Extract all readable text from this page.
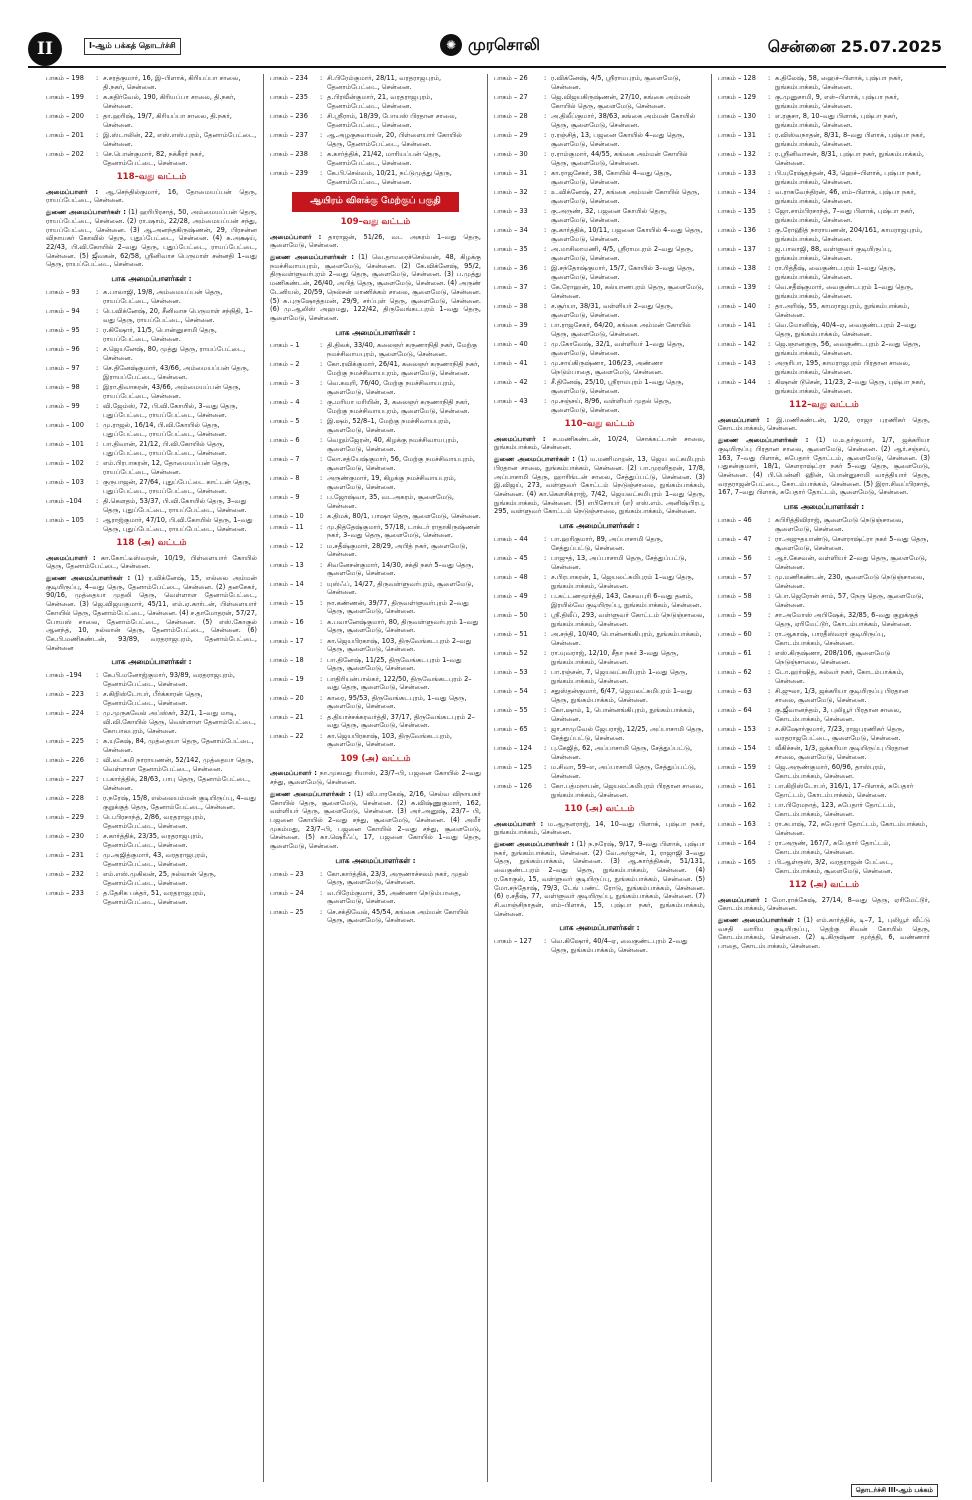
II	I-ஆம் பக்கத் தொடர்ச்சி	✺ முரசொலி	சென்னை 25.07.2025
பாகம் – 198	: ச.சரத்குமார், 16, இ–பிளாக், கிரியப்பா சாலை, தி.நகர், சென்னை.
பாகம் – 199	: சு.கதிர்வேல், 190, கிரியப்பா சாலை, தி.நகர், சென்னை.
பாகம் – 200	: தா.ஹரிஷ், 19/7, கிரியப்பா சாலை, தி.நகர், சென்னை.
பாகம் – 201	: இ.ஸ்டாலின், 22, எஸ்.எஸ்.புரம், தேனாம்பேட்டை, சென்னை.
பாகம் – 202	: செ.பொன்குமார், 82, நக்கீரர் நகர், தேனாம்பேட்டை, சென்னை.
118–வது வட்டம்

அமைப்பாளர் : ஆ.செந்தில்குமார், 16, தோமையப்பன் தெரு, ராயப்பேட்டை, சென்னை.

துணை அமைப்பாளர்கள் : (1) ஹரிபிரசாத், 50, அம்மையப்பன் தெரு, ராயப்பேட்டை, சென்னை. (2) ரா.ஷாம், 22/28, அம்மையப்பன் சந்து, ராயப்பேட்டை, சென்னை. (3) ஆ.அனந்தகிருஷ்ணன், 29, பிரசன்ன விநாயகர் கோவில் தெரு, புதுப்பேட்டை, சென்னை. (4) சு.அக்ஷய், 22/43, பி.வி.கோயில் 2–வது தெரு, புதுப்பேட்டை, ராயப்பேட்டை, சென்னை. (5) ஜீவகன், 62/58, ஸ்ரீனிவாச பெருமாள் சன்னதி 1–வது தெரு, ராயப்பேட்டை, சென்னை.

பாக அமைப்பாளர்கள் :
பாகம் – 93	: சு.பாலாஜி, 19/8, அம்மையப்பன் தெரு, ராயப்பேட்டை, சென்னை.
பாகம் – 94	: பெ.விக்னேஷ், 20, சீனிவாச பெருமாள் சந்நிதி, 1–வது தெரு, ராயப்பேட்டை, சென்னை.
பாகம் – 95	: ர.கிஷோர், 11/5, பொன்னுசாமி தெரு, ராயப்பேட்டை, சென்னை.
பாகம் – 96	: ச.ஜெயனேஷ், 80, முத்து தெரு, ராயப்பேட்டை, சென்னை.
பாகம் – 97	: செ.தினேஷ்குமார், 43/66, அம்மையப்பன் தெரு, இராயப்பேட்டை, சென்னை.
பாகம் – 98	: இரா.திவாகரன், 43/66, அம்மையப்பன் தெரு, ராயப்பேட்டை, சென்னை.
பாகம் – 99	: வி.ஜேம்ஸ், 72, பி.வி.கோயில், 3–வது தெரு, புதுப்பேட்டை, ராயப்பேட்டை, சென்னை.
பாகம் – 100	: மு.ராஜல், 16/14, பி.வி.கோயில் தெரு, புதுப்பேட்டை, ராயப்பேட்டை, சென்னை.
பாகம் – 101	: பா.திவான், 21/12, பி.வி.கோயில் தெரு, புதுப்பேட்டை, ராயப்பேட்டை, சென்னை.
பாகம் – 102	: எம்.பிரபாகரன், 12, தோமையப்பன் தெரு, ராயப்பேட்டை, சென்னை.
பாகம் – 103	: குருபாஜன், 27/64, புதுப்பேட்டை காட்டன் தெரு, புதுப்பேட்டை, ராயப்பேட்டை, சென்னை.
பாகம் –104	: தி.கௌதம், 53/37, பி.வி.கோயில் தெரு, 3–வது தெரு, புதுப்பேட்டை, ராயப்பேட்டை, சென்னை.
பாகம் – 105	: ஆராஜ்குமார், 47/10, பி.வி.கோயில் தெரு, 1–வது தெரு, புதுப்பேட்டை, ராயப்பேட்டை, சென்னை.
118 (அ) வட்டம்

அமைப்பாளர் : கா.கோட்டீஸ்வரன், 10/19, பிள்ளையார் கோயில் தெரு, தேனாம்பேட்டை, சென்னை.

துணை அமைப்பாளர்கள் : (1) ர.விக்னேஷ், 15, எல்லை அம்மன் குடியிருப்பு, 4–வது தெரு, தேனாம்பேட்டை, சென்னை. (2) தனசேகர், 90/16, முத்தையா முதலி தெரு, வெள்ளாள தேனாம்பேட்டை, சென்னை. (3) ஜெ.விஜயகுமார், 45/11, எம்.ஏ.கார்டன், பிள்ளையார் கோயில் தெரு, தேனாம்பேட்டை, சென்னை. (4) ச.தாமோதரன், 57/27, போயஸ் சாலை, தேனாம்பேட்டை, சென்னை. (5) எஸ்.கோகுல் ஆனந்த், 10, நல்லான் தெரு, தேனாம்பேட்டை, சென்னை. (6) கே.பி.மணிகண்டன், 93/89, வரதராஜபுரம், தேனாம்பேட்டை, சென்னை

பாக அமைப்பாளர்கள் :
பாகம் –194	: கே.பி.மனோஜ்குமார், 93/89, வரதராஜபுரம், தேனாம்பேட்டை, சென்னை.
பாகம் – 223	: ச.கிறிஸ்டோபர், பீர்க்காரன் தெரு, தேனாம்பேட்டை, சென்னை.
பாகம் – 224	: மு.முருகவேல் அப்ஸ்கர், 32/1, 1–வது மாடி, வி.வி.கோயில் தெரு, வெள்ளாள தேனாம்பேட்டை, கோபாலபுரம், சென்னை.
பாகம் – 225	: சு.யுகேஷ், 84, முத்தையா தெரு, தேனாம்பேட்டை, சென்னை.
பாகம் – 226	: வி.லட்சுமி நாராயணன், 52/142, முத்தையா தெரு, வெள்ளாள தேனாம்பேட்டை, சென்னை.
பாகம் – 227	: ப.கார்த்திக், 28/63, பாபு தெரு, தேனாம்பேட்டை, சென்னை.
பாகம் – 228	: ர.நரேஷ், 15/8, எல்லையம்மன் குடியிருப்பு, 4–வது குறுக்குத் தெரு, தேனாம்பேட்டை, சென்னை.
பாகம் – 229	: பெ.பிரசாந்த், 2/86, வரதராஜபுரம், தேனாம்பேட்டை, சென்னை.
பாகம் – 230	: ச.கார்த்திக், 23/35, வரதராஜபுரம், தேனாம்பேட்டை, சென்னை.
பாகம் – 231	: மு.அஜித்குமார், 43, வரதராஜபுரம், தேனாம்பேட்டை, சென்னை.
பாகம் – 232	: எம்.எஸ்.முகிலன், 25, நல்லான் தெரு, தேனாம்பேட்டை, சென்னை.
பாகம் – 233	: த.தேசிக பக்தர், 51, வரதராஜபுரம், தேனாம்பேட்டை, சென்னை.
பாகம் – 234	: சி.பிரேம்குமார், 28/11, வரதராஜபுரம், தேனாம்பேட்டை, சென்னை.
பாகம் – 235	: த.பிரவீன்குமார், 21, வரதராஜபுரம், தேனாம்பேட்டை, சென்னை.
பாகம் – 236	: சி.ஸ்ரீராம், 18/39, போயஸ் பிரதான சாலை, தேனாம்பேட்டை, சென்னை.
பாகம் – 237	: ஆ.அழகுசுவாமன், 20, பிள்ளையார் கோயில் தெரு, தேனாம்பேட்டை, சென்னை.
பாகம் – 238	: சு.கார்த்திக், 21/42, மாரியப்பன் தெரு, தேனாம்பேட்டை, சென்னை.
பாகம் – 239	: கே.பி.செல்வம், 10/21, நட்டுமுத்து தெரு, தேனாம்பேட்டை, சென்னை.
ஆயிரம் விளக்கு மேற்குப் பகுதி
109–வது வட்டம்

அமைப்பாளர் : தாராஜன், 51/26, வட அகரம் 1–வது தெரு, சூளைமேடு, சென்னை.

துணை அமைப்பாளர்கள் : (1) வெ.தாமரைச்செல்வன், 48, கிழக்கு நமச்சிவாயபுரம், சூளைமேடு, சென்னை. (2) கே.விக்னேஷ், 95/2, திருவள்ளுவர்புரம் 2–வது தெரு, சூளைமேடு, சென்னை. (3) ப.முத்து மணிகண்டன், 26/40, அபித் தெரு, சூளைமேடு, சென்னை. (4) அருண் டேனியல், 20/59, நெல்சன் மாணிக்கம் சாலை, சூளைமேடு, சென்னை. (5) சு.புருஷோத்தமன், 29/9, சர்ப்புள் தெரு, சூளைமேடு, சென்னை. (6) மு.ஆலிஸ் அஹமது, 122/42, திருவேங்கடபுரம் 1–வது தெரு, சூளைமேடு, சென்னை.

பாக அமைப்பாளர்கள் :
பாகம் – 1	: தி.திலக், 33/40, கலைஞர் கருணாநிதி நகர், மேற்கு நமச்சிவாயபுரம், சூளைமேடு, சென்னை.
பாகம் – 2	: கோ.ரவிக்குமார், 26/41, கலைஞர் கருணாநிதி நகர், மேற்கு நமச்சிவாயபுரம், சூளைமேடு, சென்னை.
பாகம் – 3	: வெ.கவுரி, 76/40, மேற்கு நமச்சிவாயபுரம், சூளைமேடு, சென்னை.
பாகம் – 4	: கு.மரியா மரியின், 3, கலைஞர் கருணாநிதி நகர், மேற்கு நமச்சிவாயபுரம், சூளைமேடு, சென்னை.
பாகம் – 5	: இ.ஷம், 52/8–1, மேற்கு நமச்சிவாயபுரம், சூளைமேடு, சென்னை.
பாகம் – 6	: வெறும்ஜேரன், 40, கிழக்கு நமச்சிவாயபுரம், சூளைமேடு, சென்னை.
பாகம் – 7	: லோ.சத்யேஷ்குமார், 56, மேற்கு நமச்சிவாயபுரம், சூளைமேடு, சென்னை.
பாகம் – 8	: அருண்குமார், 19, கிழக்கு நமச்சிவாயபுரம், சூளைமேடு, சென்னை.
பாகம் – 9	: ப.ஜோஷ்வா, 35, வடஅகரம், சூளைமேடு, சென்னை.
பாகம் – 10	: க.திமக், 80/1, பாஷா தெரு, சூளைமேடு, சென்னை.
பாகம் – 11	: மு.நித்தேஷ்குமார், 57/18, டாக்டர் ராதாகிருஷ்ணன் நகர், 3–வது தெரு, சூளைமேடு, சென்னை.
பாகம் – 12	: ம.சதீஷ்குமார், 28/29, அபித் நகர், சூளைமேடு, சென்னை.
பாகம் – 13	: சிவனேசன்குமார், 14/30, சக்தி நகர் 5–வது தெரு, சூளைமேடு, சென்னை.
பாகம் – 14	: யுஸ்ஃப், 14/27, திருவள்ளுவர்புரம், சூளைமேடு, சென்னை.
பாகம் – 15	: நா.கண்ணன், 39/77, திருவள்ளுவர்புரம் 2–வது தெரு, சூளைமேடு, சென்னை.
பாகம் – 16	: க.பவானேஷ்குமார், 80, திருவள்ளுவர்புரம் 1–வது தெரு, சூளைமேடு, சென்னை.
பாகம் – 17	: கா.ஜெயபிரகாஷ், 103, திருவேங்கடபுரம் 2–வது தெரு, சூளைமேடு, சென்னை.
பாகம் – 18	: பா.தினேஷ், 11/25, திருவேங்கடபுரம் 1–வது தெரு, சூளைமேடு, சென்னை.
பாகம் – 19	: பாதிரியன்பால்கர், 122/50, திருவேங்கடபுரம் 2–வது தெரு, சூளைமேடு, சென்னை.
பாகம் – 20	: காரை, 95/53, திருவேங்கடபுரம், 1–வது தெரு, சூளைமேடு, சென்னை.
பாகம் – 21	: த.தியாச்சக்கரவர்த்தி, 37/17, திருவேங்கடபுரம் 2–வது தெரு, சூளைமேடு, சென்னை.
பாகம் – 22	: கா.ஜெயபிரகாஷ், 103, திருவேங்கடபுரம், சூளைமேடு, சென்னை.
109 (அ) வட்டம்

அமைப்பாளர் : நா.முகமது ரியாஸ், 23/7–பி, பஜனை கோயில் 2–வது சந்து, சூளைமேடு, சென்னை.

துணை அமைப்பாளர்கள் : (1) வி.பாரகேஷ், 2/16, செல்வ விநாயகர் கோயில் தெரு, சூளைமேடு, சென்னை. (2) சு.விஷ்ணுகுமார், 162, வள்ளியர் தெரு, சூளைமேடு, சென்னை. (3) அர்.அனுஷ், 23/7– பி, பஜனை கோயில் 2–வது சந்து, சூளைமேடு, சென்னை. (4) அமீர் முகம்மது, 23/7–பி, பஜனை கோயில் 2–வது சந்து, சூளைமேடு, சென்னை. (5) கா.ஷெரீஃப், 17, பஜனை கோயில் 1–வது தெரு, சூளைமேடு, சென்னை.

பாக அமைப்பாளர்கள் :
பாகம் – 23	: கோ.கார்த்திக், 23/3, அருணாச்சலம் நகர், முதல் தெரு, சூளைமேடு, சென்னை.
பாகம் – 24	: வ.பிரேம்குமார், 35, அண்ணா நெடும்பாதை, சூளைமேடு, சென்னை.
பாகம் – 25	: செ.சக்திவேல், 45/54, கங்கை அம்மன் கோயில் தெரு, சூளைமேடு, சென்னை.
பாகம் – 26	: ர.விக்னேஷ், 4/5, ஸ்ரீராமபுரம், சூளைமேடு, சென்னை.
பாகம் – 27	: ஜெ.விஜயகிருஷ்ணன், 27/10, கங்கை அம்மன் கோயில் தெரு, சூளைமேடு, சென்னை.
பாகம் – 28	: அ.திலீப்குமார், 38/63, கங்கை அம்மன் கோயில் தெரு, சூளைமேடு, சென்னை.
பாகம் – 29	: ர.ரஞ்சித், 13, பஜனை கோயில் 4–வது தெரு, சூளைமேடு, சென்னை.
பாகம் – 30	: ர.ராம்குமார், 44/55, கங்கை அம்மன் கோயில் தெரு, சூளைமேடு, சென்னை.
பாகம் – 31	: கா.ராஜசேகர், 38, கோயில் 4–வது தெரு, சூளைமேடு, சென்னை.
பாகம் – 32	: உ.விக்னேஷ், 27, கங்கை அம்மன் கோயில் தெரு, சூளைமேடு, சென்னை.
பாகம் – 33	: கு.அருண், 32, பஜனை கோயில் தெரு, சூளைமேடு, சென்னை.
பாகம் – 34	: கு.கார்த்திக், 10/11, பஜனை கோயில் 4–வது தெரு, சூளைமேடு, சென்னை.
பாகம் – 35	: அ.மாசிலாமணி, 4/5, ஸ்ரீராமபுரம் 2–வது தெரு, சூளைமேடு, சென்னை.
பாகம் – 36	: இ.சந்தோஷ்குமார், 15/7, கோயில் 3–வது தெரு, சூளைமேடு, சென்னை.
பாகம் – 37	: கே.ரோஹன், 10, கல்யாணபுரம் தெரு, சூளைமேடு, சென்னை.
பாகம் – 38	: ச.சூர்யா, 38/31, வள்ளியர் 2–வது தெரு, சூளைமேடு, சென்னை.
பாகம் – 39	: பா.ராஜசேகர், 64/20, கங்கை அம்மன் கோயில் தெரு, சூளைமேடு, சென்னை.
பாகம் – 40	: மு.கோவேஷ், 32/1, வள்ளியர் 1–வது தெரு, சூளைமேடு, சென்னை.
பாகம் – 41	: மு.சாய்கிருஷ்ணா, 106/23, அண்ணா நெடும்பாதை, சூளைமேடு, சென்னை.
பாகம் – 42	: சீ.தினேஷ், 25/10, ஸ்ரீராமபுரம் 1–வது தெரு, சூளைமேடு, சென்னை.
பாகம் – 43	: மு.சஞ்சய், 8/96, வள்ளியர் முதல் தெரு, சூளைமேடு, சென்னை.
110–வது வட்டம்

அமைப்பாளர் : சு.மணிகண்டன், 10/24, சொக்கட்டான் சாலை, நுங்கம்பாக்கம், சென்னை.

துணை அமைப்பாளர்கள் : (1) ம.மணிமாறன், 13, ஜெய லட்சுமிபுரம் பிரதான சாலை, நுங்கம்பாக்கம், சென்னை. (2) பா.முரளிதரன், 17/8, அப்பாசாமி தெரு, ஹாரிங்டன் சாலை, சேத்துப்பட்டு, சென்னை. (3) இ.விஜய், 273, வள்ளுவர் கோட்டம் நெடுஞ்சாலை, நுங்கம்பாக்கம், சென்னை. (4) கா.கௌசிக்ராஜ், 7/42, ஜெயலட்சுமிபுரம் 1–வது தெரு, நுங்கம்பாக்கம், சென்னை. (5) எபிசோயர் (எ) எஸ்.எம். அனிஷ்பிரபு, 295, வள்ளுவர் கோட்டம் நெடுஞ்சாலை, நுங்கம்பாக்கம், சென்னை.

பாக அமைப்பாளர்கள் :
பாகம் – 44	: பா.ஹரிகுமார், 89, அப்பாசாமி தெரு, சேத்துப்பட்டு, சென்னை.
பாகம் – 45	: பாஜுத், 13, அப்பாசாமி தெரு, சேத்துப்பட்டு, சென்னை.
பாகம் – 48	: ச.பிரபாகரன், 1, ஜெயலட்சுமிபுரம் 1–வது தெரு, நுங்கம்பாக்கம், சென்னை.
பாகம் – 49	: ப.சுட்டணமூர்த்தி, 143, கேசவபுரி 6–வது தனம், இரயில்வே குடியிருப்பு, நுங்கம்பாக்கம், சென்னை.
பாகம் – 50	: ஸ்ரீ.திலீப், 293, வள்ளுவர் கோட்டம் நெடுஞ்சாலை, நுங்கம்பாக்கம், சென்னை.
பாகம் – 51	: அ.சந்தி, 10/40, பொன்னங்கிபுரம், நுங்கம்பாக்கம், சென்னை.
பாகம் – 52	: ரா.யுவராஜ், 12/10, சீதா நகர் 3–வது தெரு, நுங்கம்பாக்கம், சென்னை.
பாகம் – 53	: பா.ரஞ்சன், 7, ஜெயலட்சுமிபுரம் 1–வது தெரு, நுங்கம்பாக்கம், சென்னை.
பாகம் – 54	: சதுஸ்தன்குமார், 6/47, ஜெயலட்சுமிபுரம் 1–வது தெரு, நுங்கம்பாக்கம், சென்னை.
பாகம் – 55	: கோ.ஷாம், 1, பொன்னங்கிபுரம், நுங்கம்பாக்கம், சென்னை.
பாகம் – 65	: ஜா.சாமுவேல் ஜேபராஜ், 12/25, அப்பாசாமி தெரு, சேத்துப்பட்டு, சென்னை.
பாகம் – 124	: பு.கேஜித், 62, அப்பாசாமி தெரு, சேத்துப்பட்டு, சென்னை.
பாகம் – 125	: ம.சிவா, 59–எ, அப்பாசாமி தெரு, சேத்துப்பட்டு, சென்னை.
பாகம் – 126	: கோ.பத்மநாபன், ஜெயலட்சுமிபுரம் பிரதான சாலை, நுங்கம்பாக்கம், சென்னை.
110 (அ) வட்டம்

அமைப்பாளர் : ம.ஆருளராஜ், 14, 10–வது பிளாக், புஷ்பா நகர், நுங்கம்பாக்கம், சென்னை.

துணை அமைப்பாளர்கள் : (1) ந.நரேஷ், 9/17, 9–வது பிளாக், புஷ்பா நகர், நுங்கம்பாக்கம், சென்னை. (2) வே.அர்ஜுன், 1, ராஜாஜி 3–வது தெரு, நுங்கம்பாக்கம், சென்னை. (3) ஆ.கார்த்திகன், 51/131, வைகுண்டபுரம் 2–வது தெரு, நுங்கம்பாக்கம், சென்னை. (4) ர.கோகுல், 15, வள்ளுவர் குடியிருப்பு, நுங்கம்பாக்கம், சென்னை. (5) மோ.சந்தோஷ், 79/3, டேங் பண்ட் ரோடு, நுங்கம்பாக்கம், சென்னை. (6) ர.சதீஷ், 77, வள்ளுவர் குடியிருப்பு, நுங்கம்பாக்கம், சென்னை. (7) சி.வாஞ்சிநாதன், எம்–பிளாக், 15, புஷ்பா நகர், நுங்கம்பாக்கம், சென்னை.

பாக அமைப்பாளர்கள் :
பாகம் – 127	: வெ.கிஷோர், 40/4–ஏ, வைகுண்டபுரம் 2–வது தெரு, நுங்கம்பாக்கம், சென்னை.
பாகம் – 128	: க.திலேஷ், 58, ஹைச்–பிளாக், புஷ்பா நகர், நுங்கம்பாக்கம், சென்னை.
பாகம் – 129	: கு.முனுசாமி, 9, எள்–பிளாக், புஷ்பா நகர், நுங்கம்பாக்கம், சென்னை.
பாகம் – 130	: எ.ரகுசா, 8, 10–வது பிளாக், புஷ்பா நகர், நுங்கம்பாக்கம், சென்னை.
பாகம் – 131	: ர.விஸ்வநாதன், 8/31, 8–வது பிளாக், புஷ்பா நகர், நுங்கம்பாக்கம், சென்னை.
பாகம் – 132	: ர.ஸ்ரீனிவாசன், 8/31, புஷ்பா நகர், நுங்கம்பாக்கம், சென்னை.
பாகம் – 133	: பி.யுரேஷ்தந்தன், 43, ஹெச்–பிளாக், புஷ்பா நகர், நுங்கம்பாக்கம், சென்னை.
பாகம் – 134	: வ.ராகவேந்திரன், 46, எம்–பிளாக், புஷ்பா நகர், நுங்கம்பாக்கம், சென்னை.
பாகம் – 135	: ஜோ.சாம்பிரசாந்த், 7–வது பிளாக், புஷ்பா நகர், நுங்கம்பாக்கம், சென்னை.
பாகம் – 136	: கு.ரோஹித் நாராயணன், 204/161, காமராஜபுரம், நுங்கம்பாக்கம், சென்னை.
பாகம் – 137	: ஜ.பாலாஜி, 88, வள்ளுவர் குடியிருப்பு, நுங்கம்பாக்கம், சென்னை.
பாகம் – 138	: ரா.ரித்தீஷ், வைகுண்டபுரம் 1–வது தெரு, நுங்கம்பாக்கம், சென்னை.
பாகம் – 139	: வெ.சதீஷ்குமார், வைகுண்டபுரம் 1–வது தெரு, நுங்கம்பாக்கம், சென்னை.
பாகம் – 140	: தா.அரிஷ், 55, காமராஜபுரம், நுங்கம்பாக்கம், சென்னை.
பாகம் – 141	: வெ.மோனிஷ், 40/4–ஏ, வைகுண்டபுரம் 2–வது தெரு, நுங்கம்பாக்கம், சென்னை.
பாகம் – 142	: ஜெ.ஞானகுரு, 56, வைகுண்டபுரம் 2–வது தெரு, நுங்கம்பாக்கம், சென்னை.
பாகம் – 143	: அருரிபா, 195, காமராஜபுரம் பிரதான சாலை, நுங்கம்பாக்கம், சென்னை.
பாகம் – 144	: கிஷான் டூசென், 11/23, 2–வது தெரு, புஷ்பா நகர், நுங்கம்பாக்கம், சென்னை.
112–வது வட்டம்

அமைப்பாளர் : இ.மணிகண்டன், 1/20, ராஜா புரணிகர் தெரு, கோடம்பாக்கம், சென்னை.

துணை அமைப்பாளர்கள் : (1) ம.உதர்குமார், 1/7, ஜக்கரியா குடியிருப்பு பிரதான சாலை, சூளைமேடு, சென்னை. (2) ஆர்.சஞ்சய், 163, 7–வது பிளாக், சுபேதார் தோட்டம், சூளைமேடு, சென்னை. (3) பதுசன்குமார், 18/1, சௌராஷ்ட்ரா நகர் 5–வது தெரு, சூளைமேடு, சென்னை. (4) பி.பென்னி ஹின், பொன்னுசாமி வாத்தியார் தெரு, வரதராஜன்பேட்டை, கோடம்பாக்கம், சென்னை. (5) இரா.சிவப்பிரசாத், 167, 7–வது பிளாக், சுபேதார் தோட்டம், சூளைமேடு, சென்னை.

பாக அமைப்பாளர்கள் :
பாகம் – 46	: சுபிரித்திவிராஜ், சூளைமேடு நெடுஞ்சாலை, சூளைமேடு, சென்னை.
பாகம் – 47	: ரா.அஜுதயாண்டு, சௌராஷ்ட்ரா நகர் 5–வது தெரு, சூளைமேடு, சென்னை.
பாகம் – 56	: ஆர்.கேசவன், வள்ளியர் 2–வது தெரு, சூளைமேடு, சென்னை.
பாகம் – 57	: மு.மணிகண்டன், 230, சூளைமேடு நெடுஞ்சாலை, சென்னை.
பாகம் – 58	: பொ.ஜெரோன் சாம், 57, நேரு தெரு, சூளைமேடு, சென்னை.
பாகம் – 59	: சா.அமோஸ் அபிஷேக், 32/85, 6–வது குறுக்குத் தெரு, ஏரிமேட்டூர், கோடம்பாக்கம், சென்னை.
பாகம் – 60	: ரா.ஆகாஷ், பாரதீஸ்வரர் குடியிருப்பு, கோடம்பாக்கம், சென்னை.
பாகம் – 61	: எஸ்.கிருஷ்ணா, 208/106, சூளைமேடு நெடுஞ்சாலை, சென்னை.
பாகம் – 62	: டோ.ஹர்ஷித், சுல்வர் நகர், கோடம்பாக்கம், சென்னை.
பாகம் – 63	: சி.ஜுலா, 1/3, ஜக்கரியா குடியிருப்பு பிரதான சாலை, சூளைமேடு, சென்னை.
பாகம் – 64	: கு.ஜீவானந்தம், 3, புலியூர் பிரதான சாலை, கோடம்பாக்கம், சென்னை.
பாகம் – 153	: ச.கிஷோர்குமார், 7/23, ராஜபுரணிகர் தெரு, வரதராஜபேட்டை, சூளைமேடு, சென்னை.
பாகம் – 154	: வீகிச்சன், 1/3, ஜக்கரியா குடியிருப்பு பிரதான சாலை, சூளைமேடு, சென்னை.
பாகம் – 159	: ஜெ.அருண்குமார், 60/96, தாஸ்புரம், கோடம்பாக்கம், சென்னை.
பாகம் – 161	: பா.கிறிஸ்டோபர், 316/1, 17–பிளாக், சுபேதார் தோட்டம், கோடம்பாக்கம், சென்னை.
பாகம் – 162	: பா.பிரேமநாத், 123, சுபேதார் தோட்டம், கோடம்பாக்கம், சென்னை.
பாகம் – 163	: ரா.சுபாஷ், 72, சுபேதார் தோட்டம், கோடம்பாக்கம், சென்னை.
பாகம் – 164	: ரா.அருண், 167/7, சுபேதார் தோட்டம், கோடம்பாக்கம், சென்னை.
பாகம் – 165	: பி.ஆள்ரூஸ், 3/2, வரதராஜன் பேட்டை, கோடம்பாக்கம், சூளைமேடு, சென்னை.
112 (அ) வட்டம்

அமைப்பாளர் : மோ.ராக்கேஷ், 27/14, 8–வது தெரு, ஏரிமேட்டூர், கோடம்பாக்கம், சென்னை.

துணை அமைப்பாளர்கள் : (1) எம்.கார்த்திக், டி–7, 1, புலியூர் வீட்டு வசதி வாரிய குடியிருப்பு, தெற்கு சிவன் கோயில் தெரு, கோடம்பாக்கம், சென்னை. (2) டி.கிருஷ்ண மூர்த்தி, 6, வண்ணார் பாதை, கோடம்பாக்கம், சென்னை.

தொடர்ச்சி III-ஆம் பக்கம்
